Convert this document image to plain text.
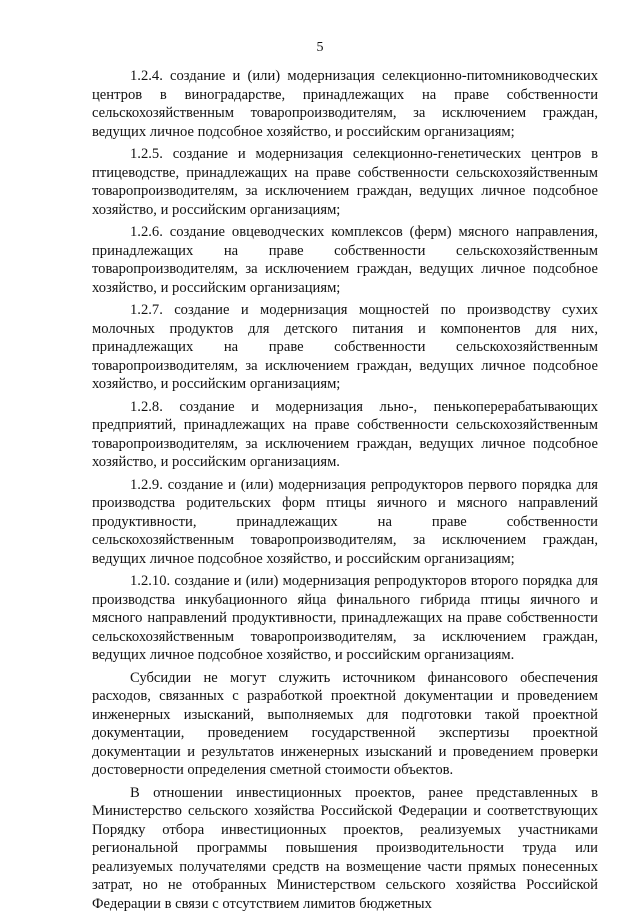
5

1.2.4. создание и (или) модернизация селекционно-питомниководческих центров в виноградарстве, принадлежащих на праве собственности сельскохозяйственным товаропроизводителям, за исключением граждан, ведущих личное подсобное хозяйство, и российским организациям;

1.2.5. создание и модернизация селекционно-генетических центров в птицеводстве, принадлежащих на праве собственности сельскохозяйственным товаропроизводителям, за исключением граждан, ведущих личное подсобное хозяйство, и российским организациям;

1.2.6. создание овцеводческих комплексов (ферм) мясного направления, принадлежащих на праве собственности сельскохозяйственным товаропроизводителям, за исключением граждан, ведущих личное подсобное хозяйство, и российским организациям;

1.2.7. создание и модернизация мощностей по производству сухих молочных продуктов для детского питания и компонентов для них, принадлежащих на праве собственности сельскохозяйственным товаропроизводителям, за исключением граждан, ведущих личное подсобное хозяйство, и российским организациям;

1.2.8. создание и модернизация льно-, пенькоперерабатывающих предприятий, принадлежащих на праве собственности сельскохозяйственным товаропроизводителям, за исключением граждан, ведущих личное подсобное хозяйство, и российским организациям.

1.2.9. создание и (или) модернизация репродукторов первого порядка для производства родительских форм птицы яичного и мясного направлений продуктивности, принадлежащих на праве собственности сельскохозяйственным товаропроизводителям, за исключением граждан, ведущих личное подсобное хозяйство, и российским организациям;

1.2.10. создание и (или) модернизация репродукторов второго порядка для производства инкубационного яйца финального гибрида птицы яичного и мясного направлений продуктивности, принадлежащих на праве собственности сельскохозяйственным товаропроизводителям, за исключением граждан, ведущих личное подсобное хозяйство, и российским организациям.

Субсидии не могут служить источником финансового обеспечения расходов, связанных с разработкой проектной документации и проведением инженерных изысканий, выполняемых для подготовки такой проектной документации, проведением государственной экспертизы проектной документации и результатов инженерных изысканий и проведением проверки достоверности определения сметной стоимости объектов.

В отношении инвестиционных проектов, ранее представленных в Министерство сельского хозяйства Российской Федерации и соответствующих Порядку отбора инвестиционных проектов, реализуемых участниками региональной программы повышения производительности труда или реализуемых получателями средств на возмещение части прямых понесенных затрат, но не отобранных Министерством сельского хозяйства Российской Федерации в связи с отсутствием лимитов бюджетных
